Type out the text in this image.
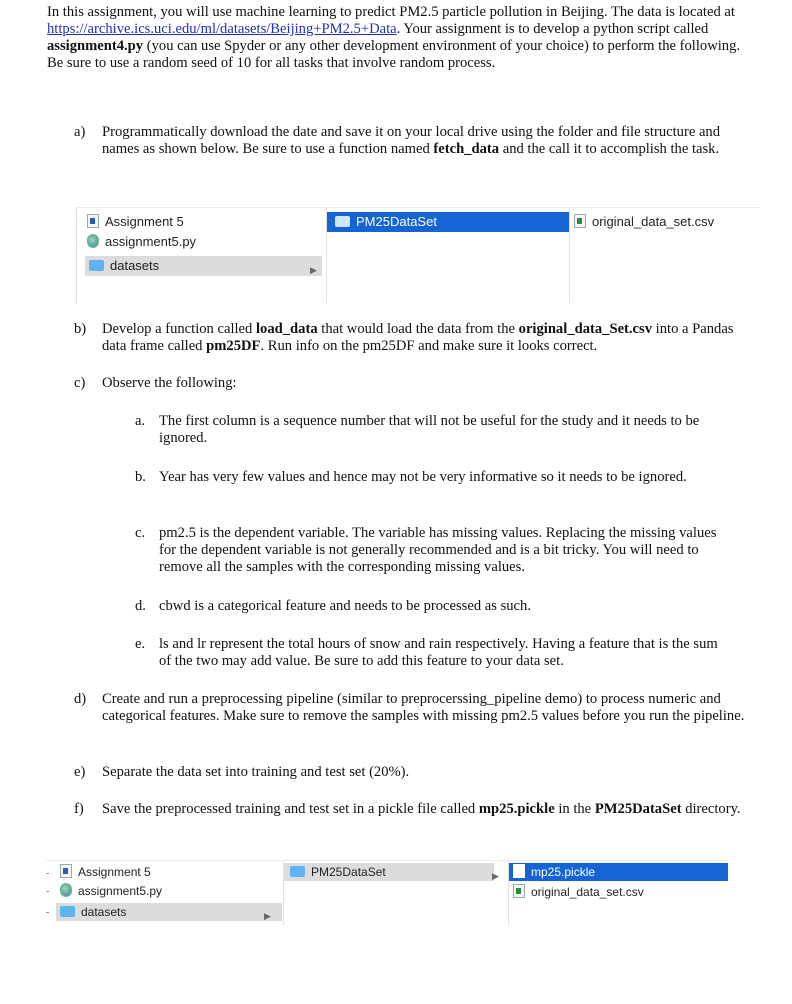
In this assignment, you will use machine learning to predict PM2.5 particle pollution in Beijing. The data is located at https://archive.ics.uci.edu/ml/datasets/Beijing+PM2.5+Data. Your assignment is to develop a python script called assignment4.py (you can use Spyder or any other development environment of your choice) to perform the following. Be sure to use a random seed of 10 for all tasks that involve random process.
a) Programmatically download the date and save it on your local drive using the folder and file structure and names as shown below. Be sure to use a function named fetch_data and the call it to accomplish the task.
Assignment 5
assignment5.py
datasets	▶
PM25DataSet	▶	original_data_set.csv
b) Develop a function called load_data that would load the data from the original_data_Set.csv into a Pandas data frame called pm25DF. Run info on the pm25DF and make sure it looks correct.
c) Observe the following:
a. The first column is a sequence number that will not be useful for the study and it needs to be ignored.
b. Year has very few values and hence may not be very informative so it needs to be ignored.
c. pm2.5 is the dependent variable. The variable has missing values. Replacing the missing values for the dependent variable is not generally recommended and is a bit tricky. You will need to remove all the samples with the corresponding missing values.
d. cbwd is a categorical feature and needs to be processed as such.
e. ls and lr represent the total hours of snow and rain respectively. Having a feature that is the sum of the two may add value. Be sure to add this feature to your data set.
d) Create and run a preprocessing pipeline (similar to preprocerssing_pipeline demo) to process numeric and categorical features. Make sure to remove the samples with missing pm2.5 values before you run the pipeline.
e) Separate the data set into training and test set (20%).
f) Save the preprocessed training and test set in a pickle file called mp25.pickle in the PM25DataSet directory.
Assignment 5
assignment5.py
datasets	▶
PM25DataSet	▶	mp25.pickle
original_data_set.csv
